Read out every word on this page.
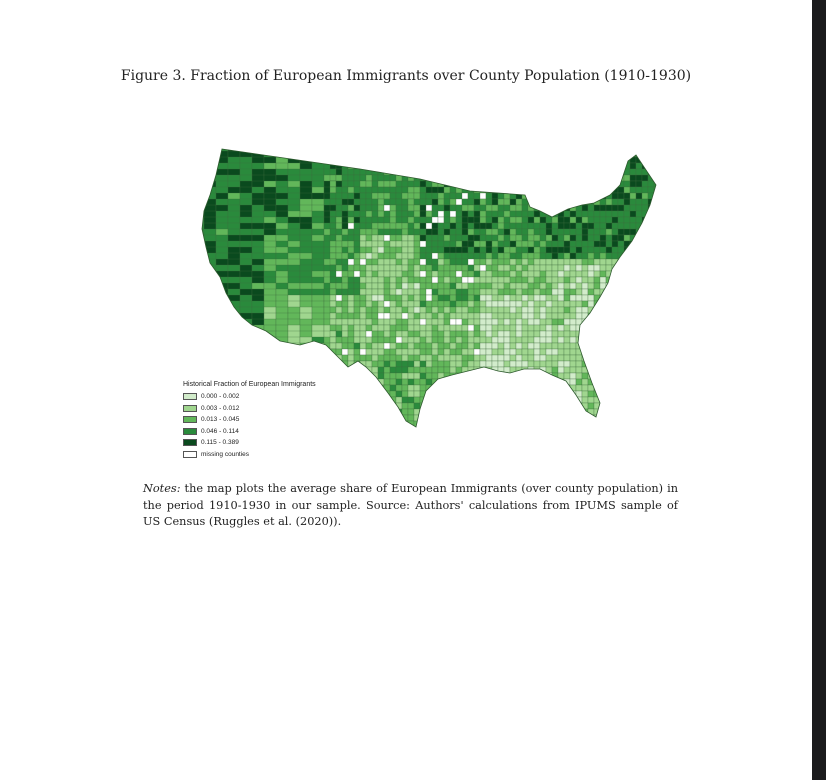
Figure 3. Fraction of European Immigrants over County Population (1910-1930)
Historical Fraction of European Immigrants
0.000 - 0.002
0.003 - 0.012
0.013 - 0.045
0.046 - 0.114
0.115 - 0.389
missing counties
Notes: the map plots the average share of European Immigrants (over county population) in the period 1910-1930 in our sample. Source: Authors' calculations from IPUMS sample of US Census (Ruggles et al. (2020)).
